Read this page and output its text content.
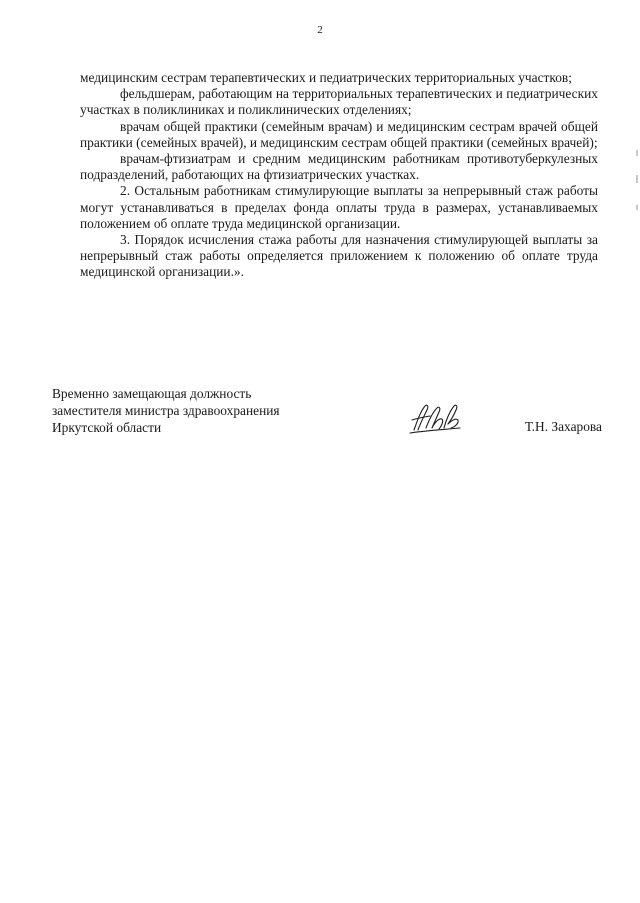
2

медицинским сестрам терапевтических и педиатрических территориальных участков;

фельдшерам, работающим на территориальных терапевтических и педиатрических участках в поликлиниках и поликлинических отделениях;

врачам общей практики (семейным врачам) и медицинским сестрам врачей общей практики (семейных врачей), и медицинским сестрам общей практики (семейных врачей);

врачам-фтизиатрам и средним медицинским работникам противотуберкулезных подразделений, работающих на фтизиатрических участках.

2. Остальным работникам стимулирующие выплаты за непрерывный стаж работы могут устанавливаться в пределах фонда оплаты труда в размерах, устанавливаемых положением об оплате труда медицинской организации.

3. Порядок исчисления стажа работы для назначения стимулирующей выплаты за непрерывный стаж работы определяется приложением к положению об оплате труда медицинской организации.».

Временно замещающая должность
заместителя министра здравоохранения
Иркутской области	Т.Н. Захарова
